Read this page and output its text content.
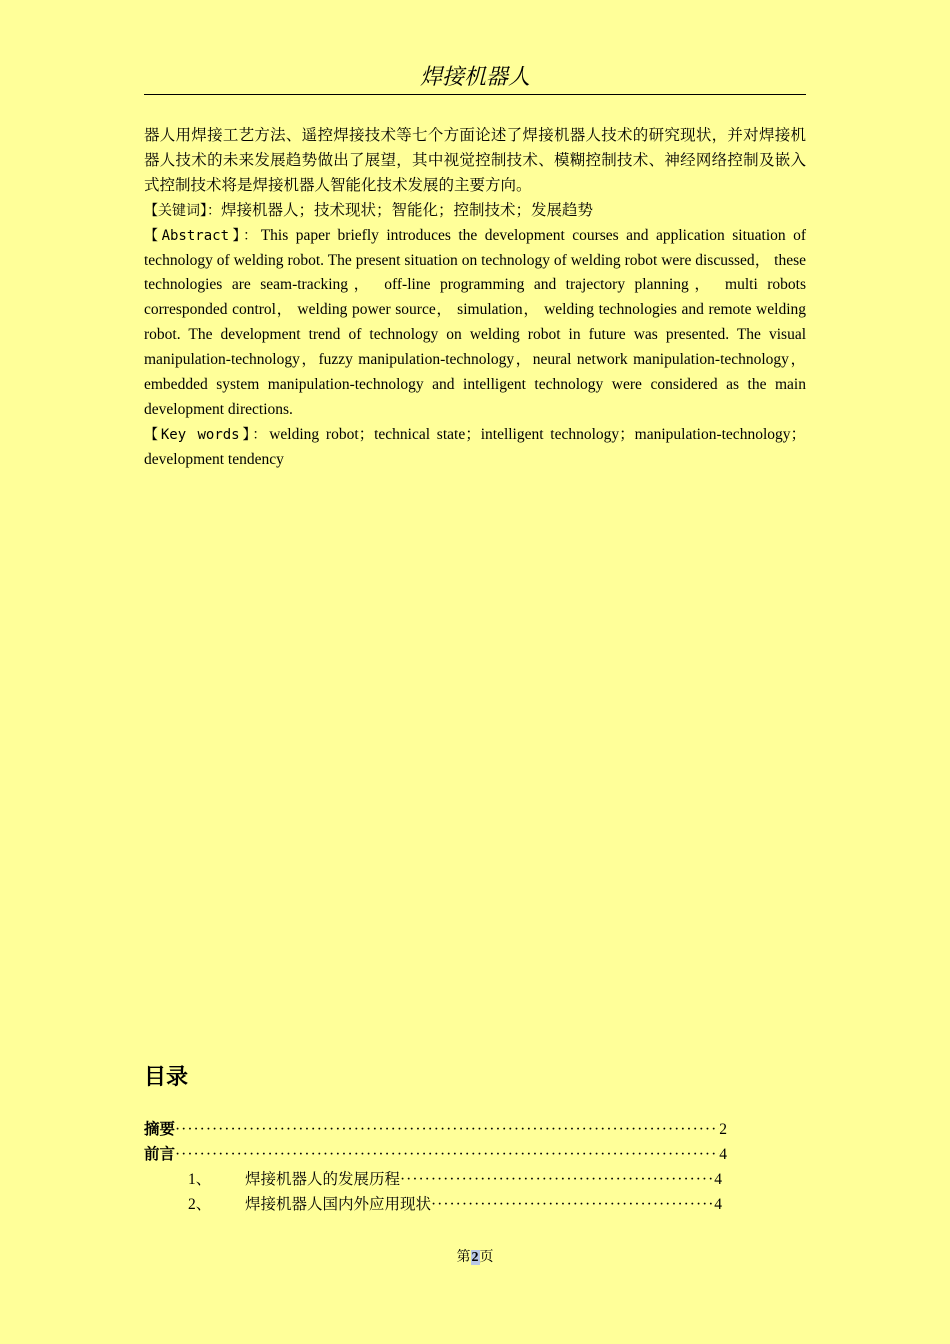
焊接机器人

器人用焊接工艺方法、遥控焊接技术等七个方面论述了焊接机器人技术的研究现状，并对焊接机器人技术的未来发展趋势做出了展望，其中视觉控制技术、模糊控制技术、神经网络控制及嵌入式控制技术将是焊接机器人智能化技术发展的主要方向。

【关键词】：焊接机器人；技术现状；智能化；控制技术；发展趋势

【Abstract】：This paper briefly introduces the development courses and application situation of technology of welding robot. The present situation on technology of welding robot were discussed， these technologies are seam-tracking， off-line programming and trajectory planning， multi robots corresponded control， welding power source， simulation， welding technologies and remote welding robot. The development trend of technology on welding robot in future was presented. The visual manipulation-technology，fuzzy manipulation-technology，neural network manipulation-technology， embedded system manipulation-technology and intelligent technology were considered as the main development directions.

【Key words】：welding robot；technical state；intelligent technology；manipulation-technology；development tendency

目录
摘要 ·····	2
前言 ·····	4
1、	焊接机器人的发展历程 ·····	4
2、	焊接机器人国内外应用现状 ·····	4
第2页
